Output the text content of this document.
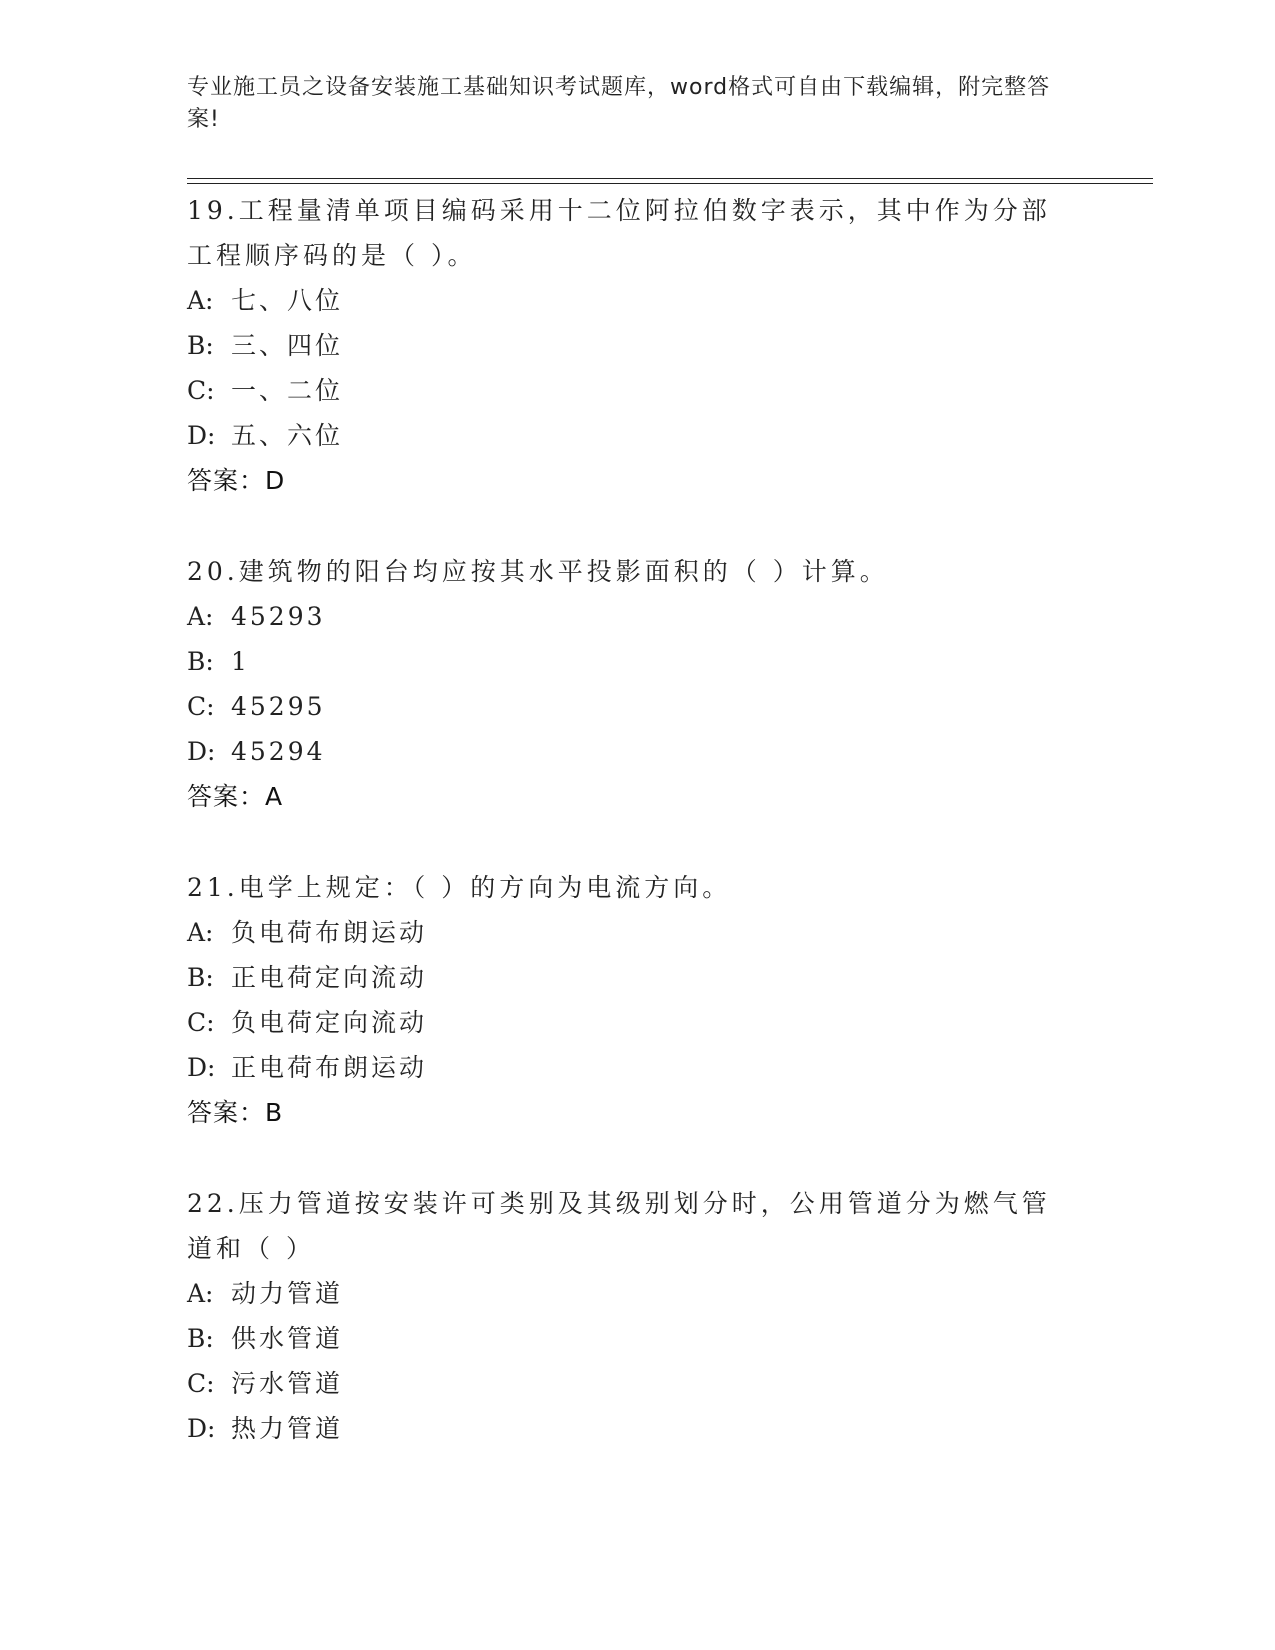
专业施工员之设备安装施工基础知识考试题库，word格式可自由下载编辑，附完整答案!
19.工程量清单项目编码采用十二位阿拉伯数字表示，其中作为分部工程顺序码的是（ ）。
A: 七、八位
B: 三、四位
C: 一、二位
D: 五、六位
答案：D
20.建筑物的阳台均应按其水平投影面积的（ ）计算。
A: 45293
B: 1
C: 45295
D: 45294
答案：A
21.电学上规定：（ ）的方向为电流方向。
A: 负电荷布朗运动
B: 正电荷定向流动
C: 负电荷定向流动
D: 正电荷布朗运动
答案：B
22.压力管道按安装许可类别及其级别划分时，公用管道分为燃气管道和（ ）
A: 动力管道
B: 供水管道
C: 污水管道
D: 热力管道
